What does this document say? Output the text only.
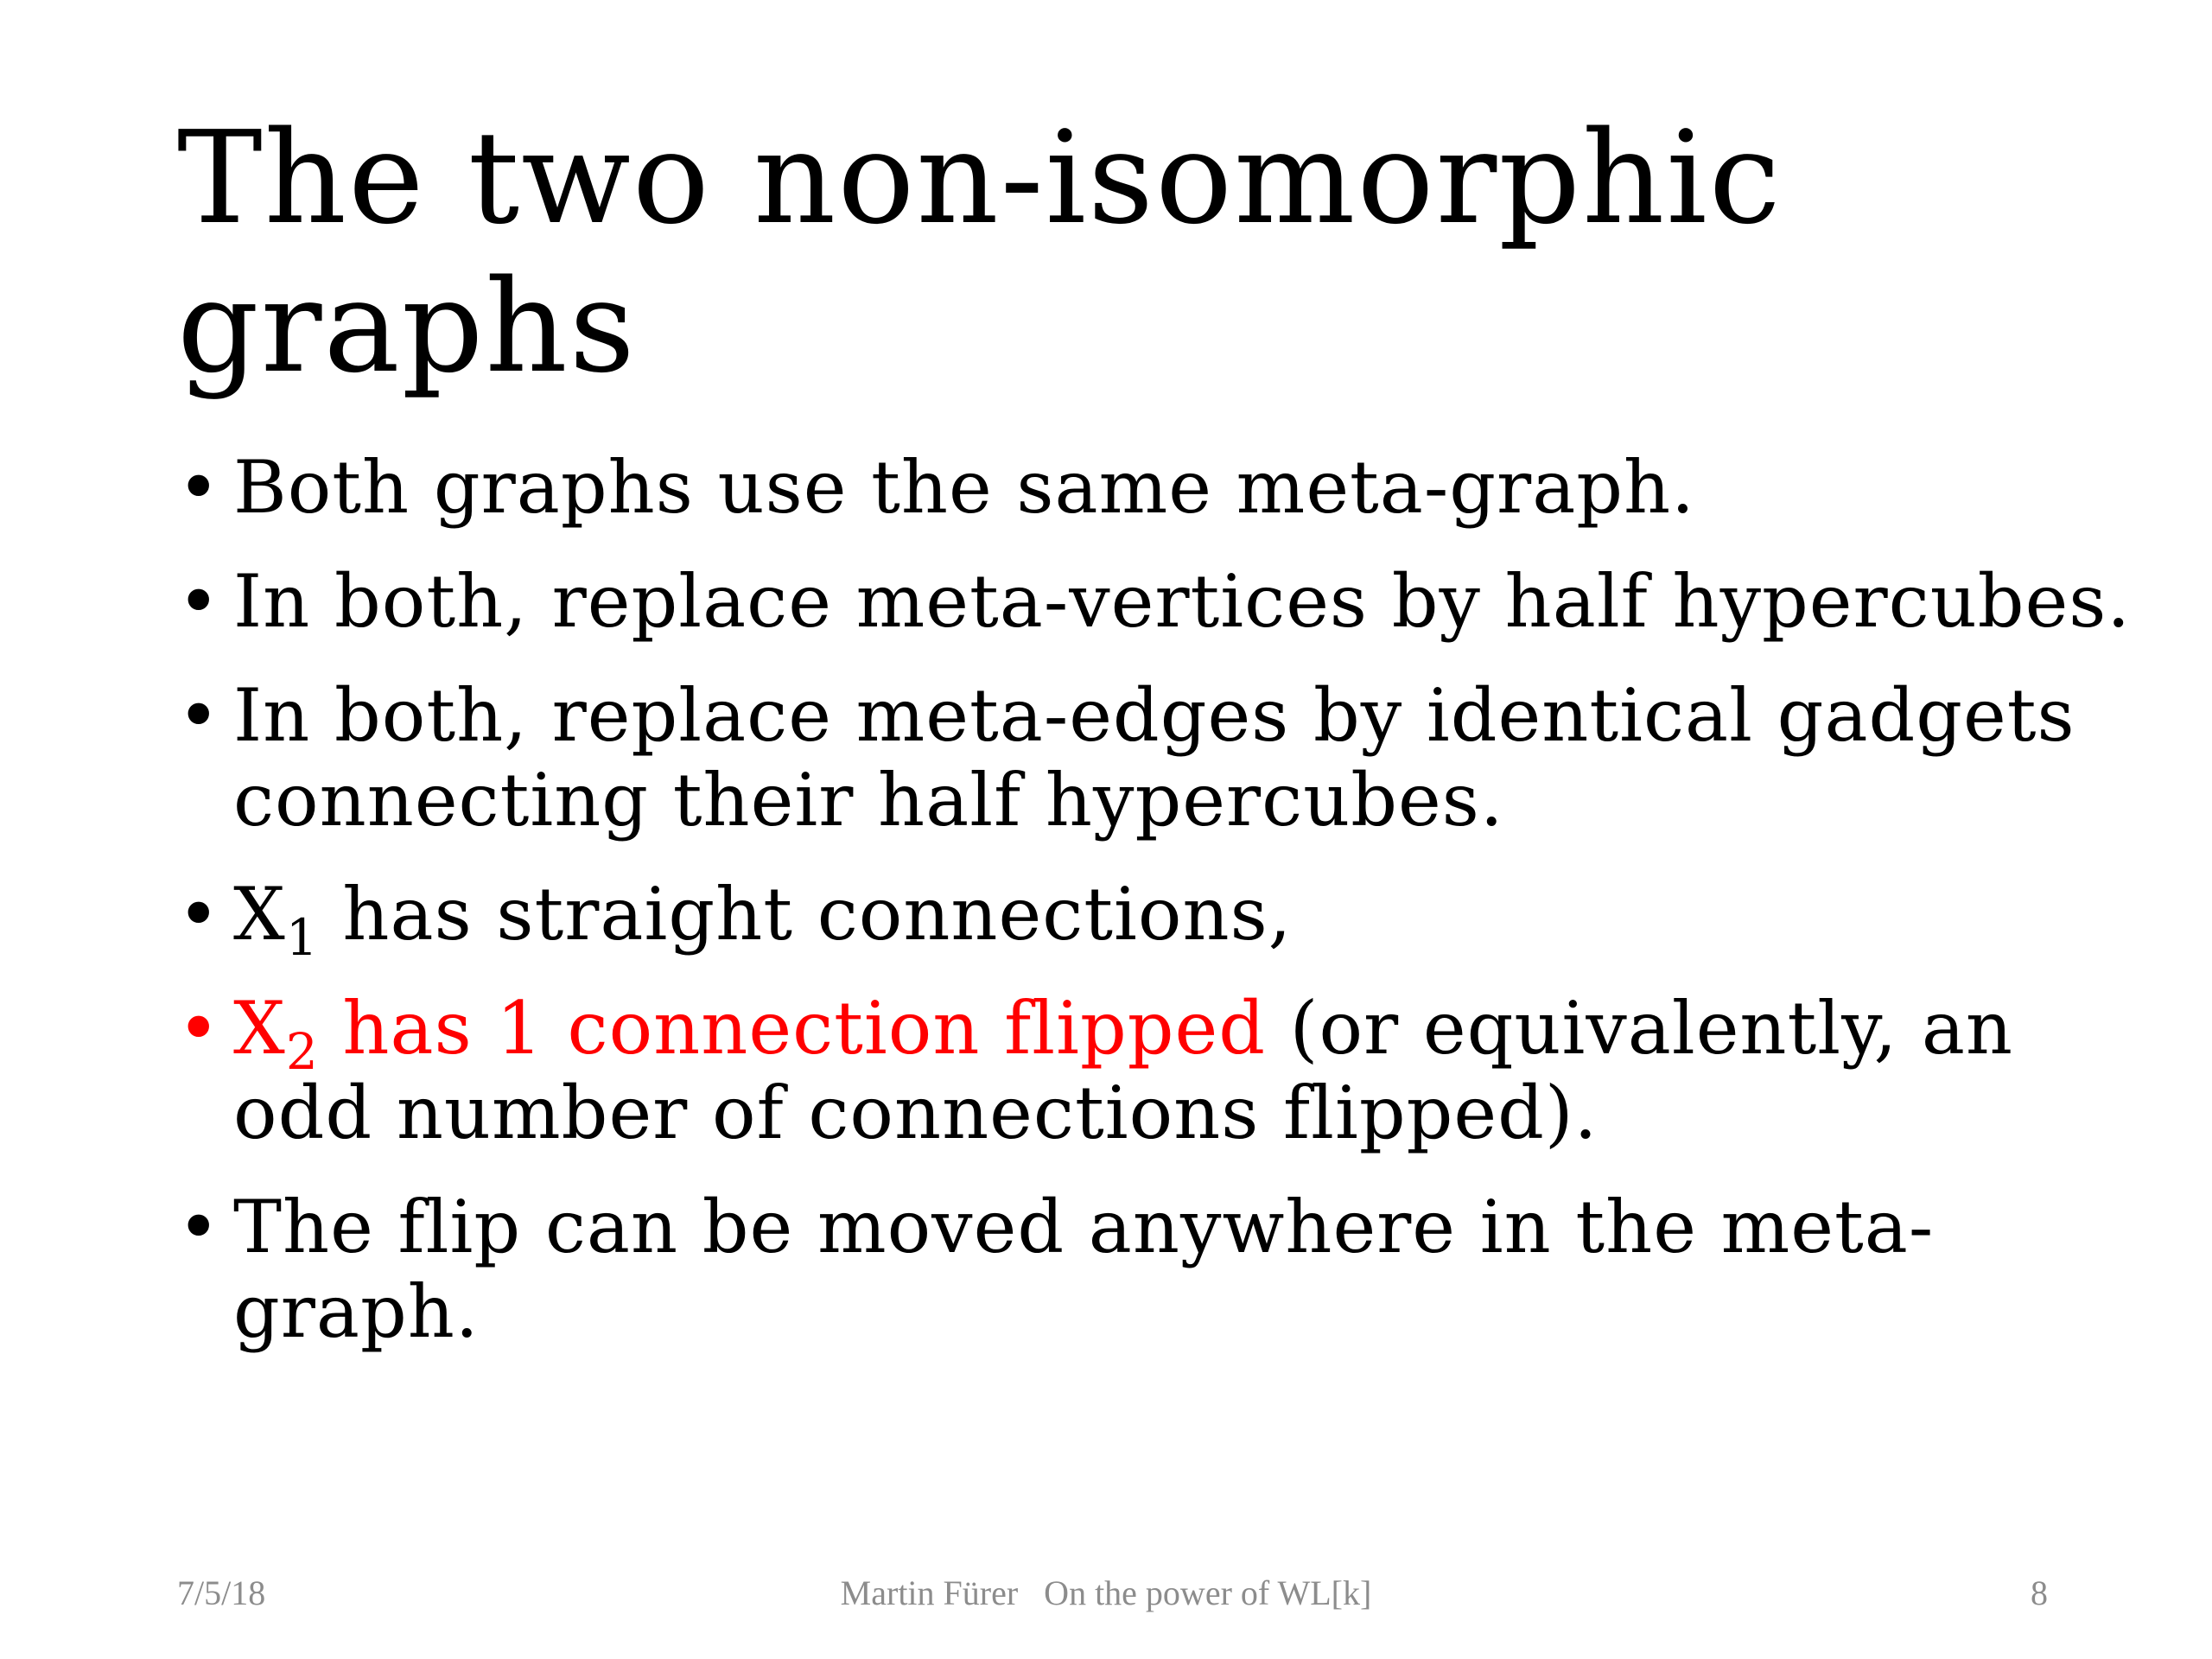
The two non-isomorphic graphs
• Both graphs use the same meta-graph.
• In both, replace meta-vertices by half hypercubes.
• In both, replace meta-edges by identical gadgets connecting their half hypercubes.
• $X_1$ has straight connections,
• $X_2$ has 1 connection flipped (or equivalently, an odd number of connections flipped).
• The flip can be moved anywhere in the meta-graph.
7/5/18	Martin Fürer   On the power of WL[k]	8
